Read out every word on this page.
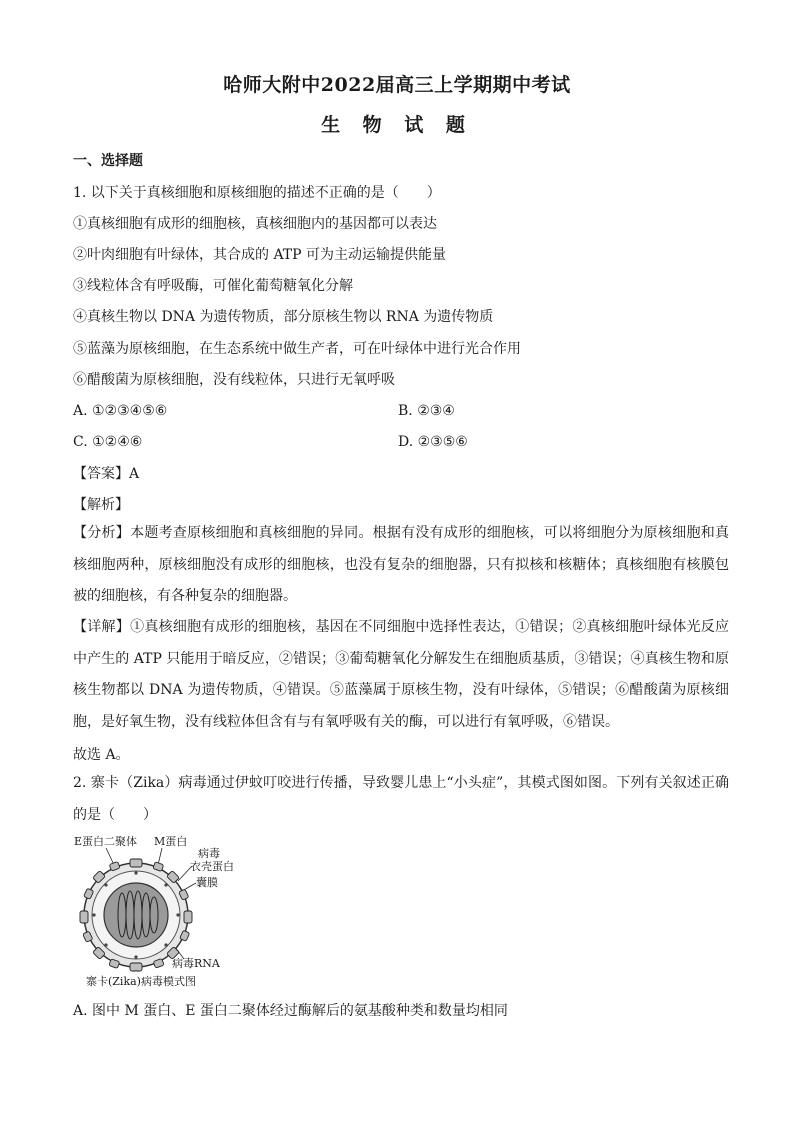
哈师大附中2022届高三上学期期中考试
生 物 试 题
一、选择题
1. 以下关于真核细胞和原核细胞的描述不正确的是（　　）
①真核细胞有成形的细胞核，真核细胞内的基因都可以表达
②叶肉细胞有叶绿体，其合成的 ATP 可为主动运输提供能量
③线粒体含有呼吸酶，可催化葡萄糖氧化分解
④真核生物以 DNA 为遗传物质，部分原核生物以 RNA 为遗传物质
⑤蓝藻为原核细胞，在生态系统中做生产者，可在叶绿体中进行光合作用
⑥醋酸菌为原核细胞，没有线粒体，只进行无氧呼吸
A. ①②③④⑤⑥	B. ②③④
C. ①②④⑥	D. ②③⑤⑥
【答案】A
【解析】
【分析】本题考查原核细胞和真核细胞的异同。根据有没有成形的细胞核，可以将细胞分为原核细胞和真核细胞两种，原核细胞没有成形的细胞核，也没有复杂的细胞器，只有拟核和核糖体；真核细胞有核膜包被的细胞核，有各种复杂的细胞器。
【详解】①真核细胞有成形的细胞核，基因在不同细胞中选择性表达，①错误；②真核细胞叶绿体光反应中产生的 ATP 只能用于暗反应，②错误；③葡萄糖氧化分解发生在细胞质基质，③错误；④真核生物和原核生物都以 DNA 为遗传物质，④错误。⑤蓝藻属于原核生物，没有叶绿体，⑤错误；⑥醋酸菌为原核细胞，是好氧生物，没有线粒体但含有与有氧呼吸有关的酶，可以进行有氧呼吸，⑥错误。
故选 A。
2. 寨卡（Zika）病毒通过伊蚊叮咬进行传播，导致婴儿患上“小头症”，其模式图如图。下列有关叙述正确的是（　　）
E蛋白二聚体 M蛋白
病毒
衣壳蛋白
囊膜
病毒RNA
寨卡(Zika)病毒模式图
A. 图中 M 蛋白、E 蛋白二聚体经过酶解后的氨基酸种类和数量均相同
